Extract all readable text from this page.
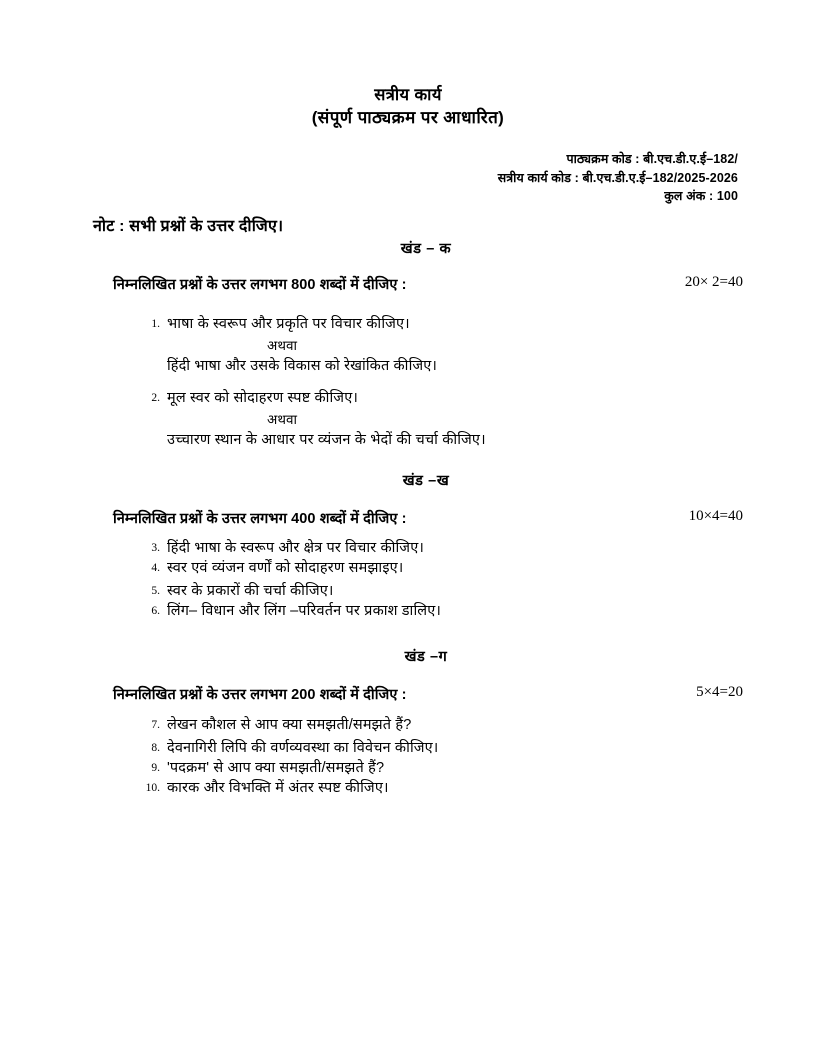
सत्रीय कार्य
(संपूर्ण पाठ्यक्रम पर आधारित)
पाठ्यक्रम कोड : बी.एच.डी.ए.ई–182/
सत्रीय कार्य कोड : बी.एच.डी.ए.ई–182/2025-2026
कुल अंक : 100
नोट : सभी प्रश्नों के उत्तर दीजिए।
खंड – क
निम्नलिखित प्रश्नों के उत्तर लगभग 800 शब्दों में दीजिए :	20× 2=40
1. भाषा के स्वरूप और प्रकृति पर विचार कीजिए।
अथवा
हिंदी भाषा और उसके विकास को रेखांकित कीजिए।
2. मूल स्वर को सोदाहरण स्पष्ट कीजिए।
अथवा
उच्चारण स्थान के आधार पर व्यंजन के भेदों की चर्चा कीजिए।
खंड –ख
निम्नलिखित प्रश्नों के उत्तर लगभग 400 शब्दों में दीजिए :	10×4=40
3. हिंदी भाषा के स्वरूप और क्षेत्र पर विचार कीजिए।
4. स्वर एवं व्यंजन वर्णों को सोदाहरण समझाइए।
5. स्वर के प्रकारों की चर्चा कीजिए।
6. लिंग– विधान और लिंग –परिवर्तन पर प्रकाश डालिए।
खंड –ग
निम्नलिखित प्रश्नों के उत्तर लगभग 200 शब्दों में दीजिए :	5×4=20
7. लेखन कौशल से आप क्या समझती/समझते हैं?
8. देवनागिरी लिपि की वर्णव्यवस्था का विवेचन कीजिए।
9. 'पदक्रम' से आप क्या समझती/समझते हैं?
10. कारक और विभक्ति में अंतर स्पष्ट कीजिए।
